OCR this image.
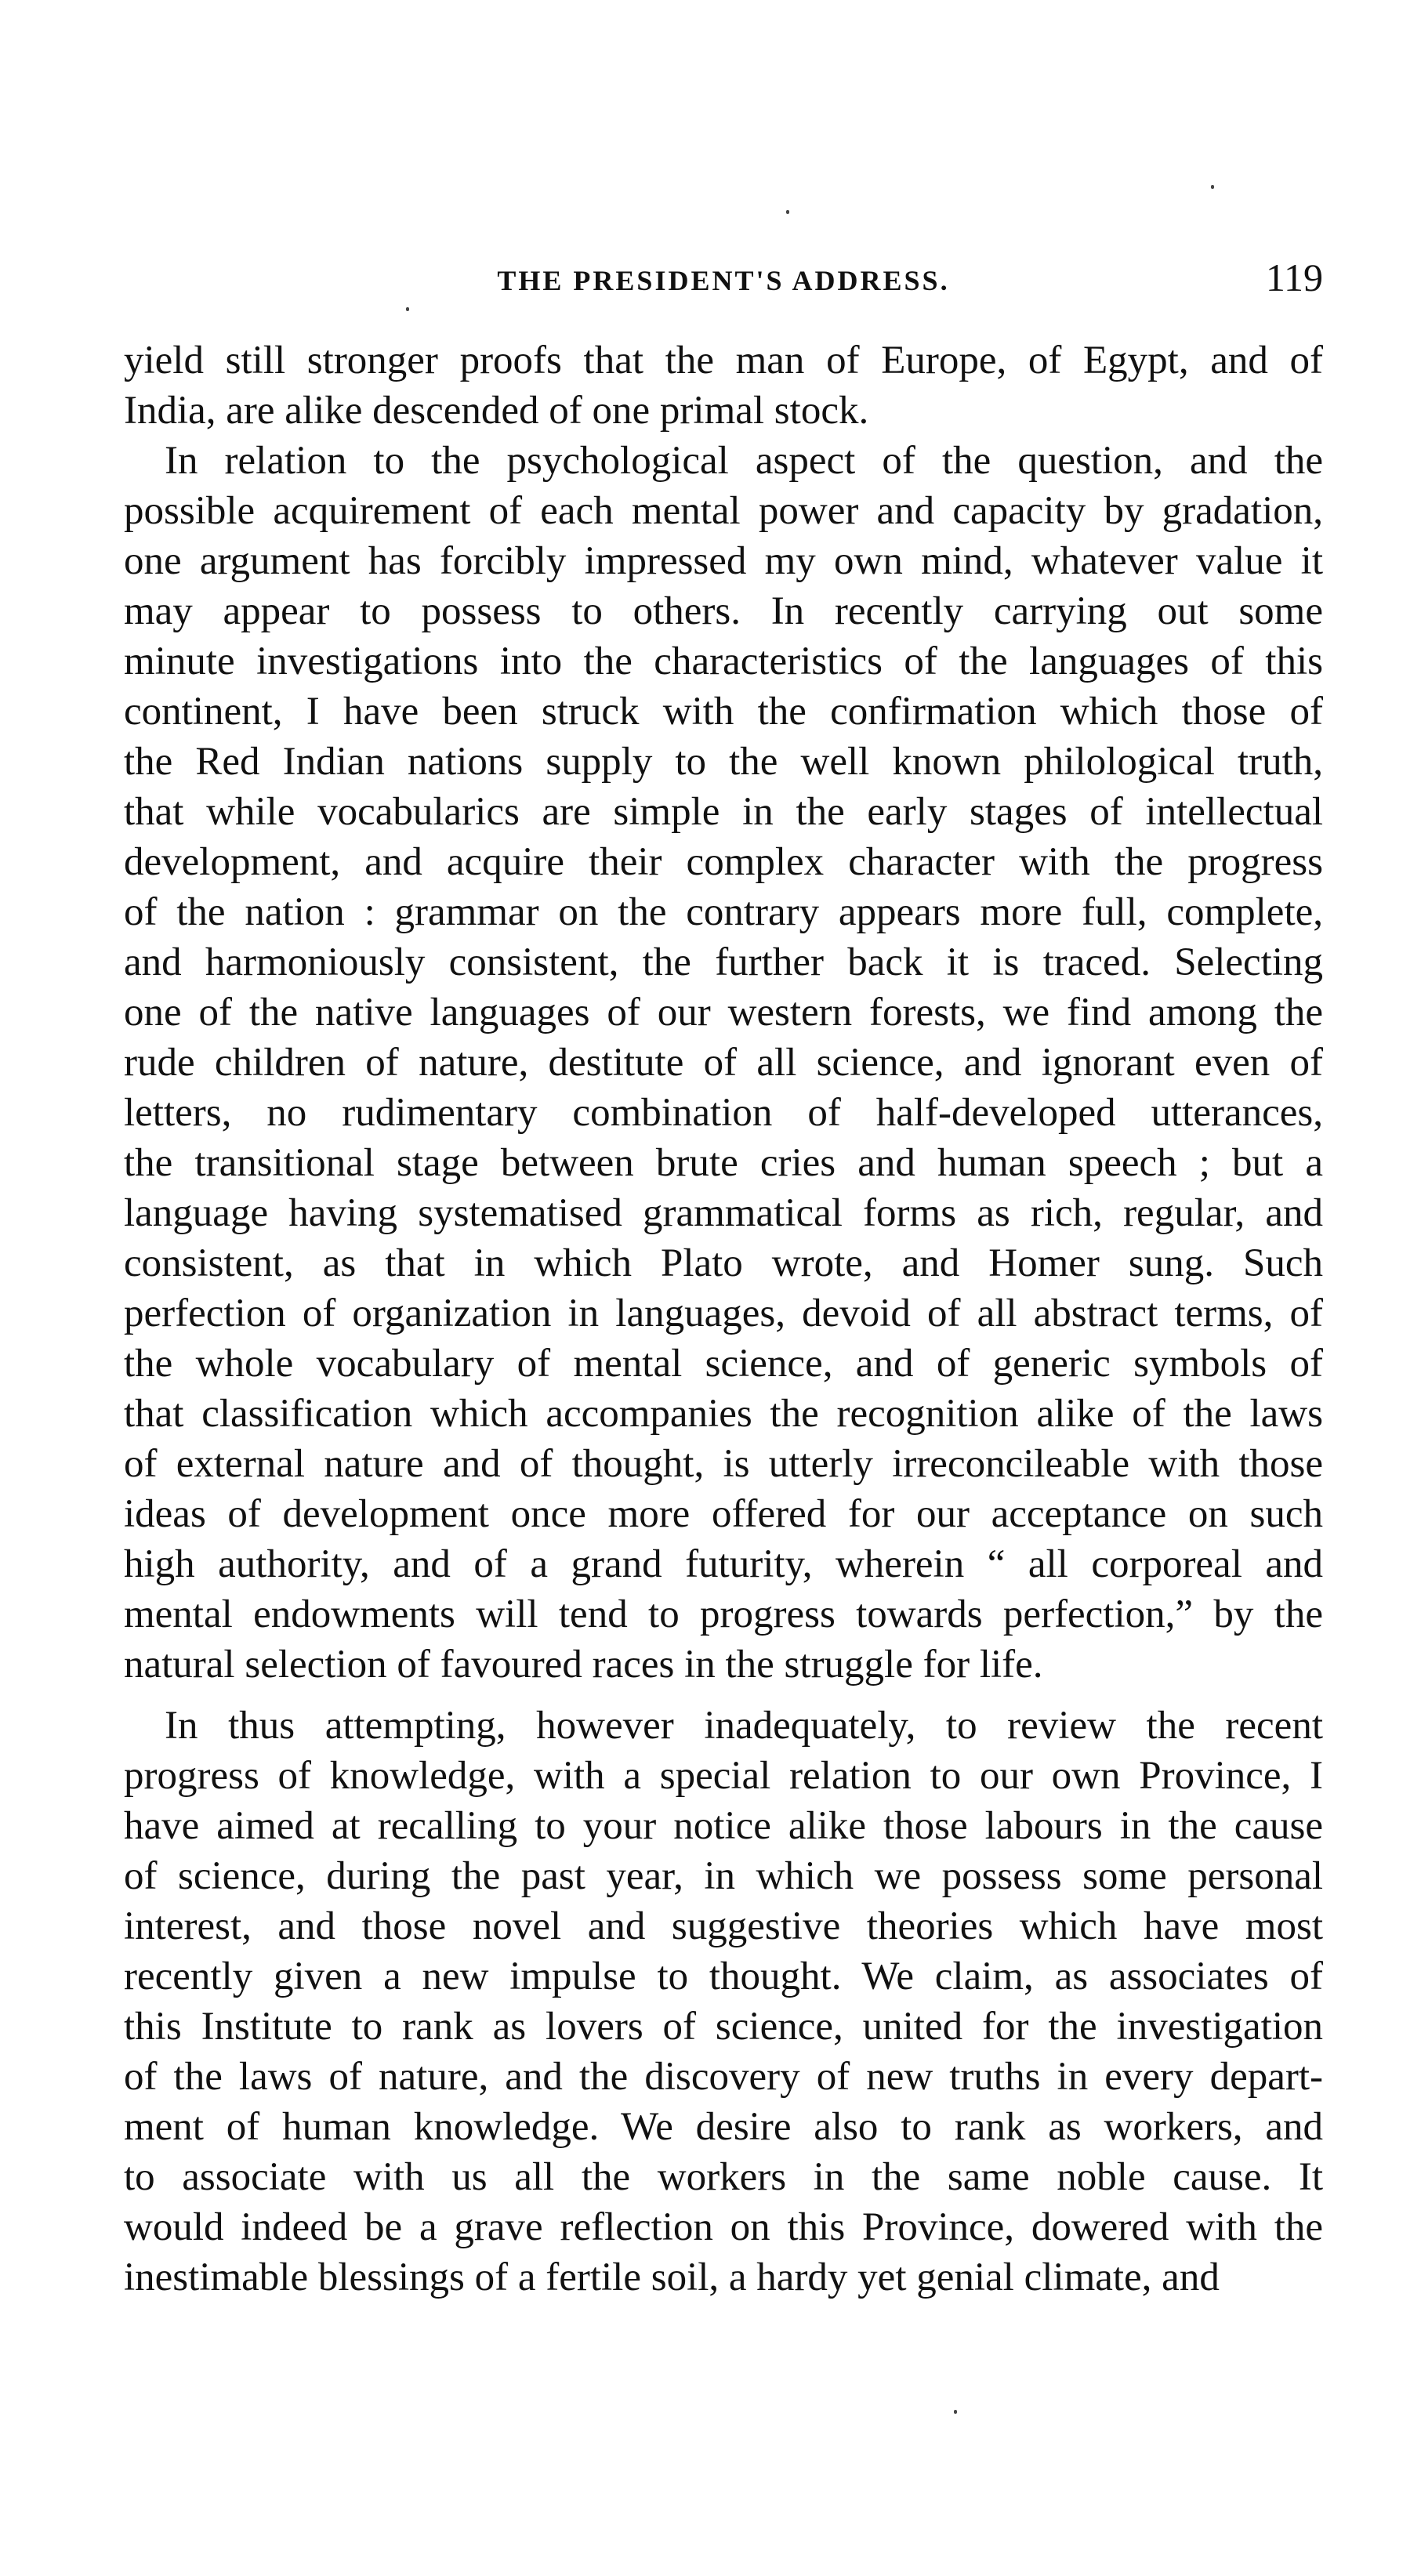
THE PRESIDENT'S ADDRESS.	119
yield still stronger proofs that the man of Europe, of Egypt, and of
India, are alike descended of one primal stock.
In relation to the psychological aspect of the question, and the
possible acquirement of each mental power and capacity by gradation,
one argument has forcibly impressed my own mind, whatever value it
may appear to possess to others. In recently carrying out some
minute investigations into the characteristics of the languages of this
continent, I have been struck with the confirmation which those of
the Red Indian nations supply to the well known philological truth,
that while vocabularics are simple in the early stages of intellectual
development, and acquire their complex character with the progress
of the nation : grammar on the contrary appears more full, complete,
and harmoniously consistent, the further back it is traced. Selecting
one of the native languages of our western forests, we find among the
rude children of nature, destitute of all science, and ignorant even of
letters, no rudimentary combination of half-developed utterances,
the transitional stage between brute cries and human speech ; but a
language having systematised grammatical forms as rich, regular, and
consistent, as that in which Plato wrote, and Homer sung. Such
perfection of organization in languages, devoid of all abstract terms, of
the whole vocabulary of mental science, and of generic symbols of
that classification which accompanies the recognition alike of the laws
of external nature and of thought, is utterly irreconcileable with those
ideas of development once more offered for our acceptance on such
high authority, and of a grand futurity, wherein “ all corporeal and
mental endowments will tend to progress towards perfection,” by the
natural selection of favoured races in the struggle for life.
In thus attempting, however inadequately, to review the recent
progress of knowledge, with a special relation to our own Province, I
have aimed at recalling to your notice alike those labours in the cause
of science, during the past year, in which we possess some personal
interest, and those novel and suggestive theories which have most
recently given a new impulse to thought. We claim, as associates of
this Institute to rank as lovers of science, united for the investigation
of the laws of nature, and the discovery of new truths in every depart-
ment of human knowledge. We desire also to rank as workers, and
to associate with us all the workers in the same noble cause. It
would indeed be a grave reflection on this Province, dowered with the
inestimable blessings of a fertile soil, a hardy yet genial climate, and
